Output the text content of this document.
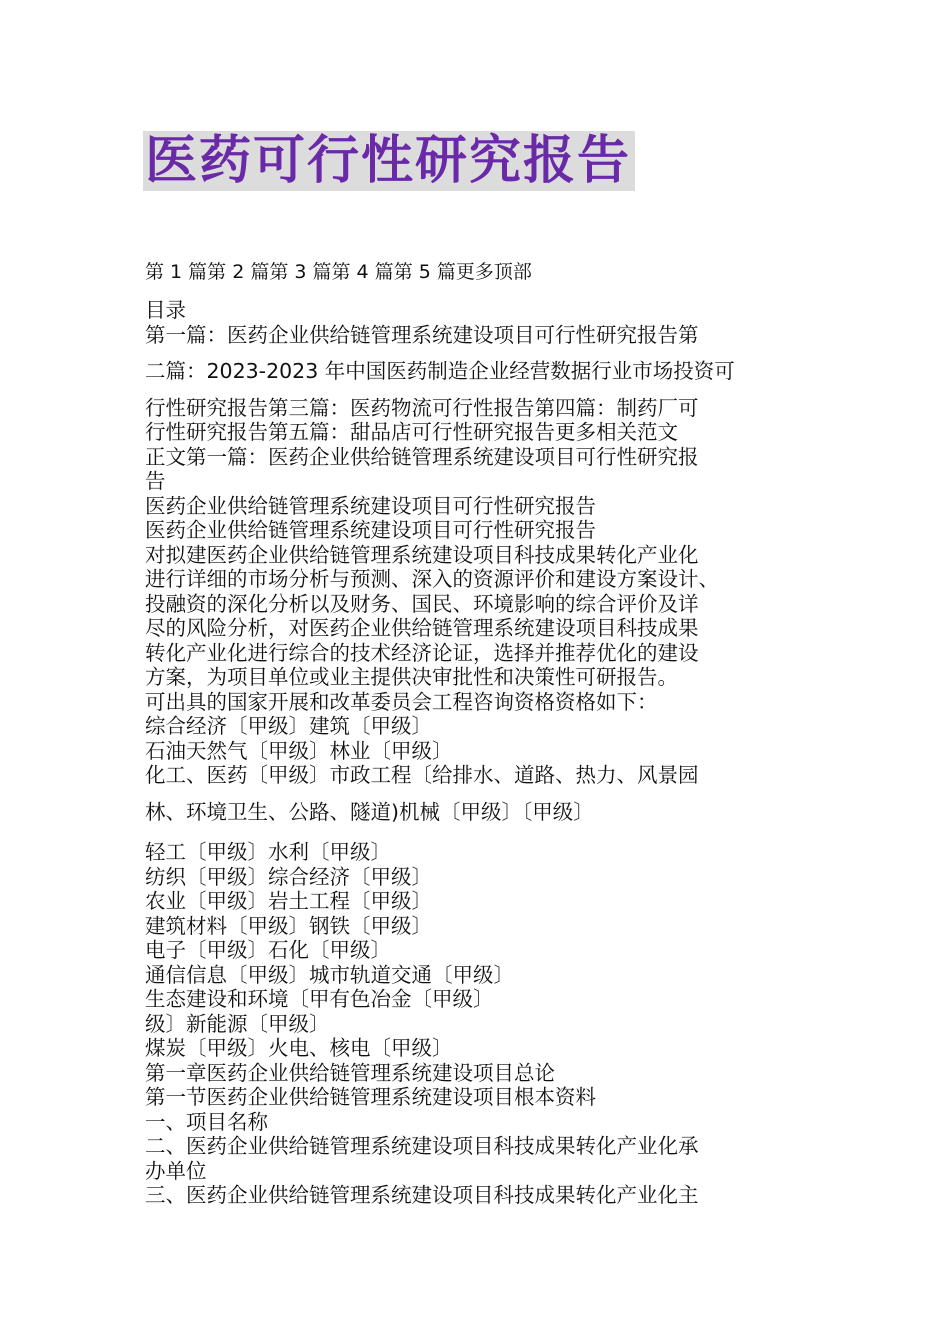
医药可行性研究报告
第 1 篇第 2 篇第 3 篇第 4 篇第 5 篇更多顶部

目录

第一篇：医药企业供给链管理系统建设项目可行性研究报告第

二篇：2023-2023 年中国医药制造企业经营数据行业市场投资可

行性研究报告第三篇：医药物流可行性报告第四篇：制药厂可

行性研究报告第五篇：甜品店可行性研究报告更多相关范文

正文第一篇：医药企业供给链管理系统建设项目可行性研究报

告

医药企业供给链管理系统建设项目可行性研究报告

医药企业供给链管理系统建设项目可行性研究报告

对拟建医药企业供给链管理系统建设项目科技成果转化产业化

进行详细的市场分析与预测、深入的资源评价和建设方案设计、

投融资的深化分析以及财务、国民、环境影响的综合评价及详

尽的风险分析，对医药企业供给链管理系统建设项目科技成果

转化产业化进行综合的技术经济论证，选择并推荐优化的建设

方案，为项目单位或业主提供决审批性和决策性可研报告。

可出具的国家开展和改革委员会工程咨询资格资格如下：

综合经济〔甲级〕建筑〔甲级〕

石油天然气〔甲级〕林业〔甲级〕

化工、医药〔甲级〕市政工程〔给排水、道路、热力、风景园

林、环境卫生、公路、隧道)机械〔甲级〕〔甲级〕

轻工〔甲级〕水利〔甲级〕

纺织〔甲级〕综合经济〔甲级〕

农业〔甲级〕岩土工程〔甲级〕

建筑材料〔甲级〕钢铁〔甲级〕

电子〔甲级〕石化〔甲级〕

通信信息〔甲级〕城市轨道交通〔甲级〕

生态建设和环境〔甲有色冶金〔甲级〕

级〕新能源〔甲级〕

煤炭〔甲级〕火电、核电〔甲级〕

第一章医药企业供给链管理系统建设项目总论

第一节医药企业供给链管理系统建设项目根本资料

一、项目名称

二、医药企业供给链管理系统建设项目科技成果转化产业化承

办单位

三、医药企业供给链管理系统建设项目科技成果转化产业化主
